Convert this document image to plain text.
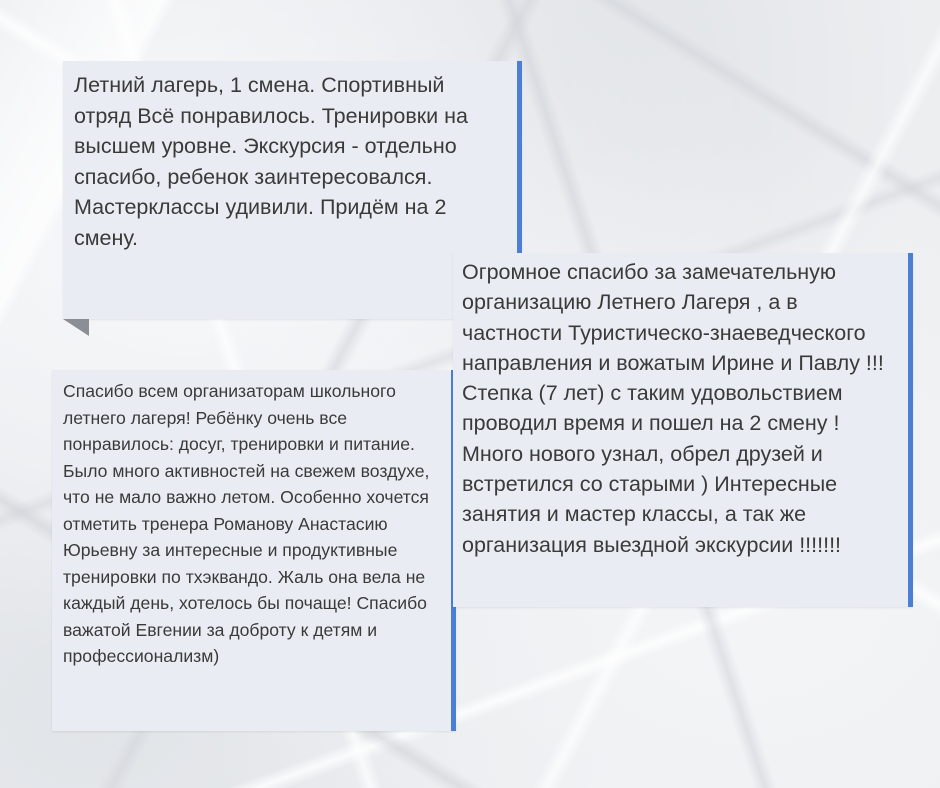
Летний лагерь, 1 смена. Спортивный отряд Всё понравилось. Тренировки на высшем уровне. Экскурсия - отдельно спасибо, ребенок заинтересовался. Мастерклассы удивили. Придём на 2 смену.

Спасибо всем организаторам школьного летнего лагеря! Ребёнку очень все понравилось: досуг, тренировки и питание. Было много активностей на свежем воздухе, что не мало важно летом. Особенно хочется отметить тренера Романову Анастасию Юрьевну за интересные и продуктивные тренировки по тхэквандо. Жаль она вела не каждый день, хотелось бы почаще! Спасибо важатой Евгении за доброту к детям и профессионализм)

Огромное спасибо за замечательную организацию Летнего Лагеря , а в частности Туристическо-знаеведческого направления и вожатым Ирине и Павлу !!! Степка (7 лет) с таким удовольствием проводил время и пошел на 2 смену ! Много нового узнал, обрел друзей и встретился со старыми ) Интересные занятия и мастер классы, а так же организация выездной экскурсии !!!!!!!
